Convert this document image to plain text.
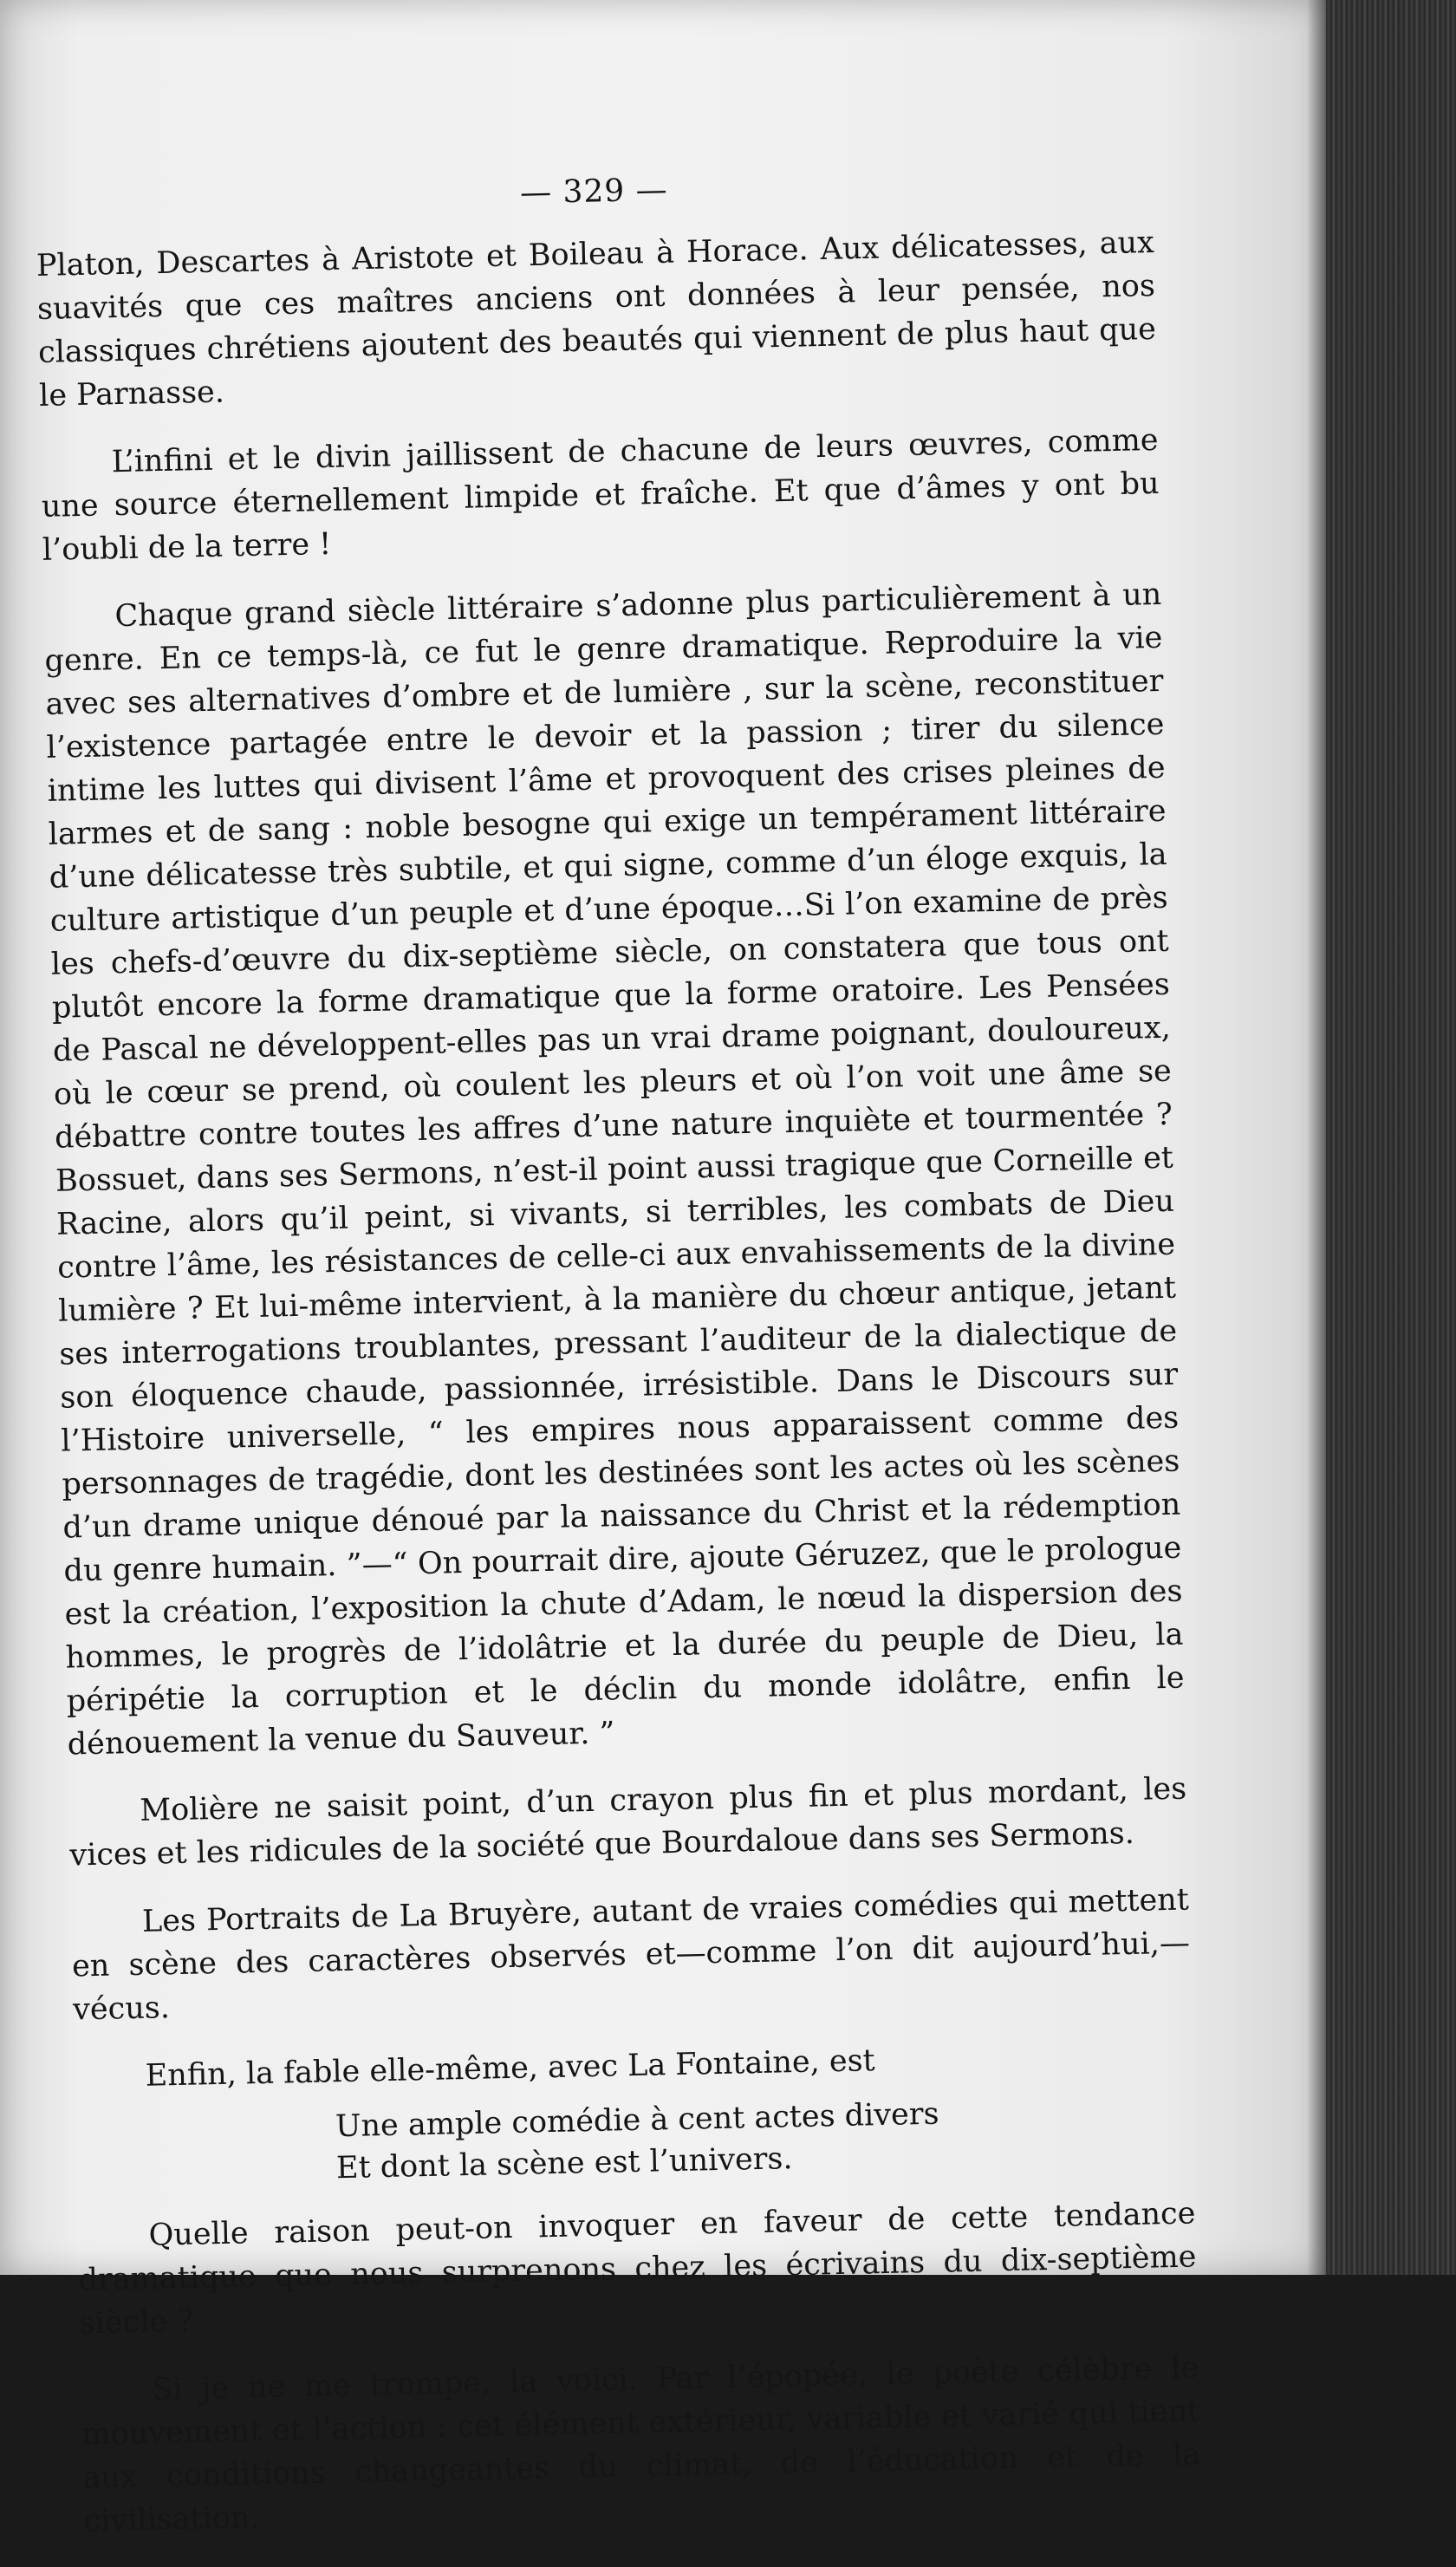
— 329 —

Platon, Descartes à Aristote et Boileau à Horace. Aux délicatesses, aux suavités que ces maîtres anciens ont données à leur pensée, nos classiques chrétiens ajoutent des beautés qui viennent de plus haut que le Parnasse.

L’infini et le divin jaillissent de chacune de leurs œuvres, comme une source éternellement limpide et fraîche. Et que d’âmes y ont bu l’oubli de la terre !

Chaque grand siècle littéraire s’adonne plus particulièrement à un genre. En ce temps-là, ce fut le genre dramatique. Reproduire la vie avec ses alternatives d’ombre et de lumière , sur la scène, reconstituer l’existence partagée entre le devoir et la passion ; tirer du silence intime les luttes qui divisent l’âme et provoquent des crises pleines de larmes et de sang : noble besogne qui exige un tempérament littéraire d’une délicatesse très subtile, et qui signe, comme d’un éloge exquis, la culture artistique d’un peuple et d’une époque…Si l’on examine de près les chefs-d’œuvre du dix-septième siècle, on constatera que tous ont plutôt encore la forme dramatique que la forme oratoire. Les Pensées de Pascal ne développent-elles pas un vrai drame poignant, douloureux, où le cœur se prend, où coulent les pleurs et où l’on voit une âme se débattre contre toutes les affres d’une nature inquiète et tourmentée ? Bossuet, dans ses Sermons, n’est-il point aussi tragique que Corneille et Racine, alors qu’il peint, si vivants, si terribles, les combats de Dieu contre l’âme, les résistances de celle-ci aux envahissements de la divine lumière ? Et lui-même intervient, à la manière du chœur antique, jetant ses interrogations troublantes, pressant l’auditeur de la dialectique de son éloquence chaude, passionnée, irrésistible. Dans le Discours sur l’Histoire universelle, “ les empires nous apparaissent comme des personnages de tragédie, dont les destinées sont les actes où les scènes d’un drame unique dénoué par la naissance du Christ et la rédemption du genre humain. ”—“ On pourrait dire, ajoute Géruzez, que le prologue est la création, l’exposition la chute d’Adam, le nœud la dispersion des hommes, le progrès de l’idolâtrie et la durée du peuple de Dieu, la péripétie la corruption et le déclin du monde idolâtre, enfin le dénouement la venue du Sauveur. ”

Molière ne saisit point, d’un crayon plus fin et plus mordant, les vices et les ridicules de la société que Bourdaloue dans ses Sermons.

Les Portraits de La Bruyère, autant de vraies comédies qui mettent en scène des caractères observés et—comme l’on dit aujourd’hui,— vécus.

Enfin, la fable elle-même, avec La Fontaine, est

Une ample comédie à cent actes divers
Et dont la scène est l’univers.

Quelle raison peut-on invoquer en faveur de cette tendance dramatique que nous surprenons chez les écrivains du dix-septième siècle ?

Si je ne me trompe, la voici. Par l’épopée, le poète célèbre le mouvement et l’action : cet élément extérieur, variable et varié qui tient aux conditions changeantes du climat, de l’éducation et de la civilisation.
